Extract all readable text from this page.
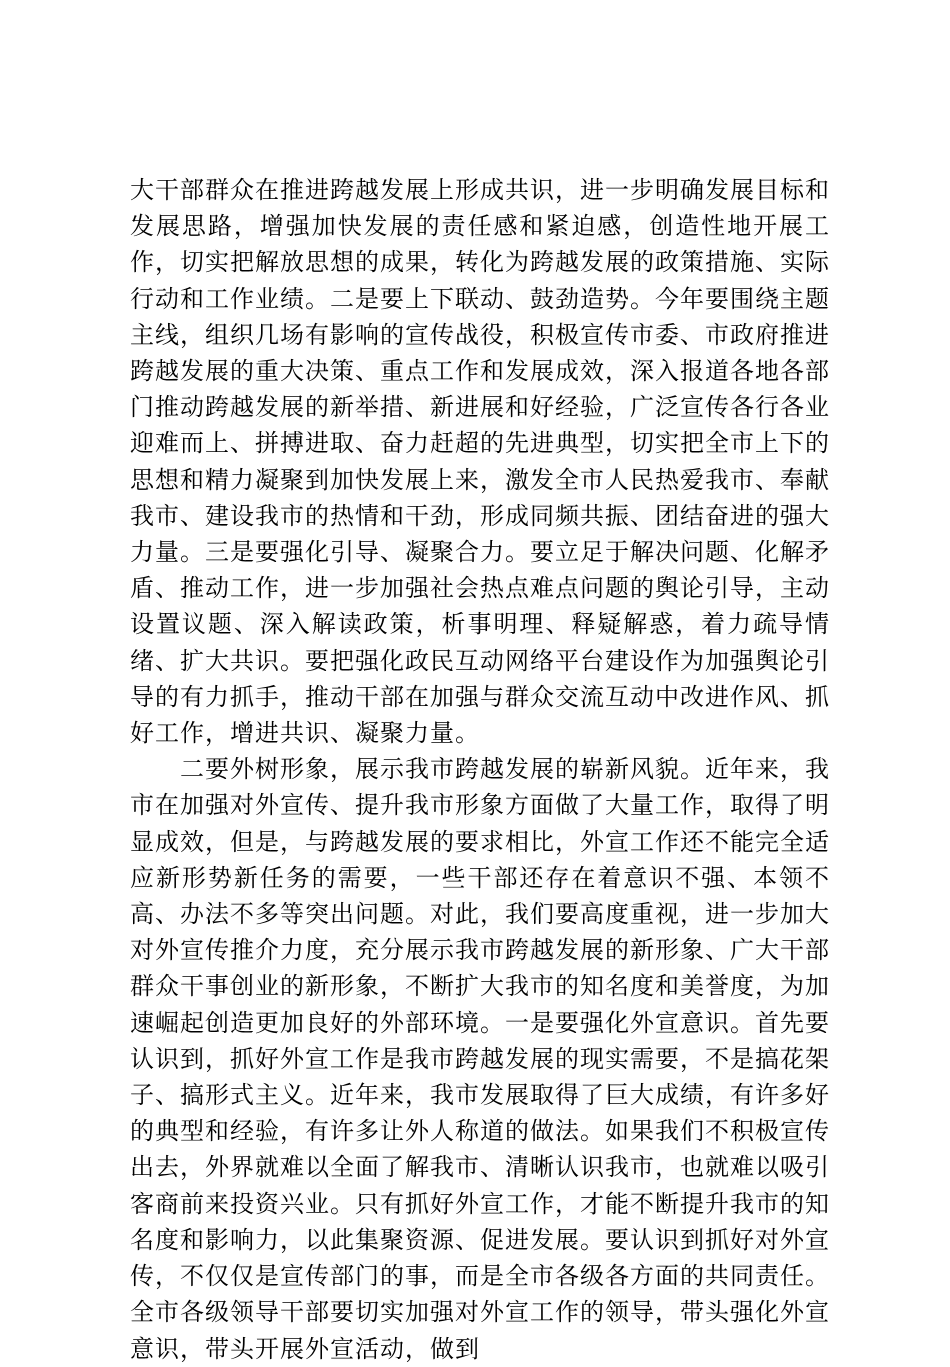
大干部群众在推进跨越发展上形成共识，进一步明确发展目标和发展思路，增强加快发展的责任感和紧迫感，创造性地开展工作，切实把解放思想的成果，转化为跨越发展的政策措施、实际行动和工作业绩。二是要上下联动、鼓劲造势。今年要围绕主题主线，组织几场有影响的宣传战役，积极宣传市委、市政府推进跨越发展的重大决策、重点工作和发展成效，深入报道各地各部门推动跨越发展的新举措、新进展和好经验，广泛宣传各行各业迎难而上、拼搏进取、奋力赶超的先进典型，切实把全市上下的思想和精力凝聚到加快发展上来，激发全市人民热爱我市、奉献我市、建设我市的热情和干劲，形成同频共振、团结奋进的强大力量。三是要强化引导、凝聚合力。要立足于解决问题、化解矛盾、推动工作，进一步加强社会热点难点问题的舆论引导，主动设置议题、深入解读政策，析事明理、释疑解惑，着力疏导情绪、扩大共识。要把强化政民互动网络平台建设作为加强舆论引导的有力抓手，推动干部在加强与群众交流互动中改进作风、抓好工作，增进共识、凝聚力量。

二要外树形象，展示我市跨越发展的崭新风貌。近年来，我市在加强对外宣传、提升我市形象方面做了大量工作，取得了明显成效，但是，与跨越发展的要求相比，外宣工作还不能完全适应新形势新任务的需要，一些干部还存在着意识不强、本领不高、办法不多等突出问题。对此，我们要高度重视，进一步加大对外宣传推介力度，充分展示我市跨越发展的新形象、广大干部群众干事创业的新形象，不断扩大我市的知名度和美誉度，为加速崛起创造更加良好的外部环境。一是要强化外宣意识。首先要认识到，抓好外宣工作是我市跨越发展的现实需要，不是搞花架子、搞形式主义。近年来，我市发展取得了巨大成绩，有许多好的典型和经验，有许多让外人称道的做法。如果我们不积极宣传出去，外界就难以全面了解我市、清晰认识我市，也就难以吸引客商前来投资兴业。只有抓好外宣工作，才能不断提升我市的知名度和影响力，以此集聚资源、促进发展。要认识到抓好对外宣传，不仅仅是宣传部门的事，而是全市各级各方面的共同责任。全市各级领导干部要切实加强对外宣工作的领导，带头强化外宣意识，带头开展外宣活动，做到
